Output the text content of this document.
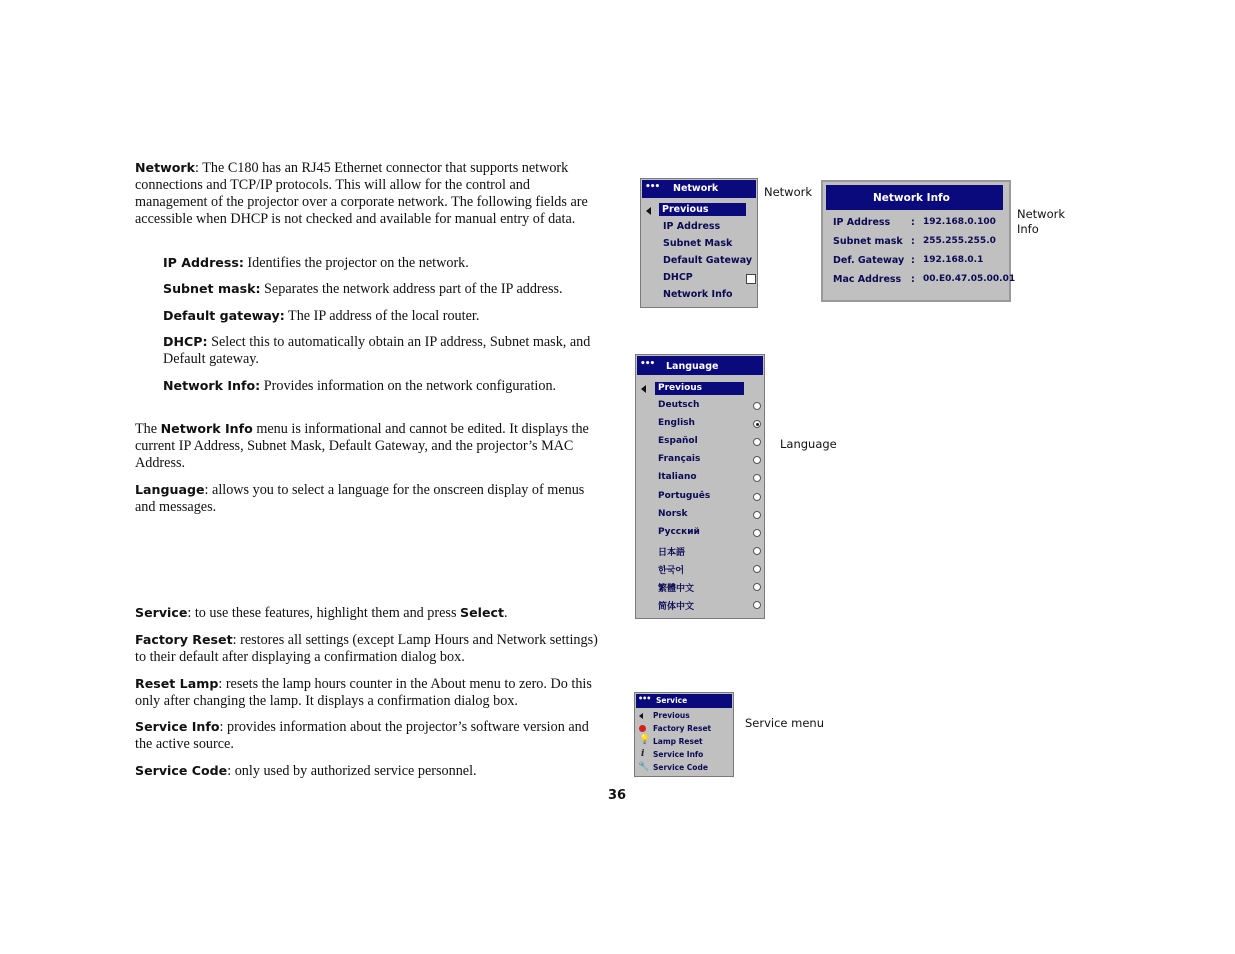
Network: The C180 has an RJ45 Ethernet connector that supports network connections and TCP/IP protocols. This will allow for the control and management of the projector over a corporate network. The following fields are accessible when DHCP is not checked and available for manual entry of data.
IP Address: Identifies the projector on the network.
Subnet mask: Separates the network address part of the IP address.
Default gateway: The IP address of the local router.
DHCP: Select this to automatically obtain an IP address, Subnet mask, and Default gateway.
Network Info: Provides information on the network configuration.
The Network Info menu is informational and cannot be edited. It displays the current IP Address, Subnet Mask, Default Gateway, and the projector’s MAC Address.
Language: allows you to select a language for the onscreen display of menus and messages.
Service: to use these features, highlight them and press Select.
Factory Reset: restores all settings (except Lamp Hours and Network settings) to their default after displaying a confirmation dialog box.
Reset Lamp: resets the lamp hours counter in the About menu to zero. Do this only after changing the lamp. It displays a confirmation dialog box.
Service Info: provides information about the projector’s software version and the active source.
Service Code: only used by authorized service personnel.
36
••• Network
Previous
IP Address
Subnet Mask
Default Gateway
DHCP
Network Info
Network	Network Info
IP Address : 192.168.0.100
Subnet mask : 255.255.255.0
Def. Gateway : 192.168.0.1
Mac Address : 00.E0.47.05.00.01
Network
Info
••• Language
Previous
Deutsch
English
Español
Français
Italiano
Português
Norsk
Русский
日本語
한국어
繁體中文
简体中文
Language
••• Service
Previous
Factory Reset
💡 Lamp Reset
i Service Info
🔧 Service Code
Service menu
